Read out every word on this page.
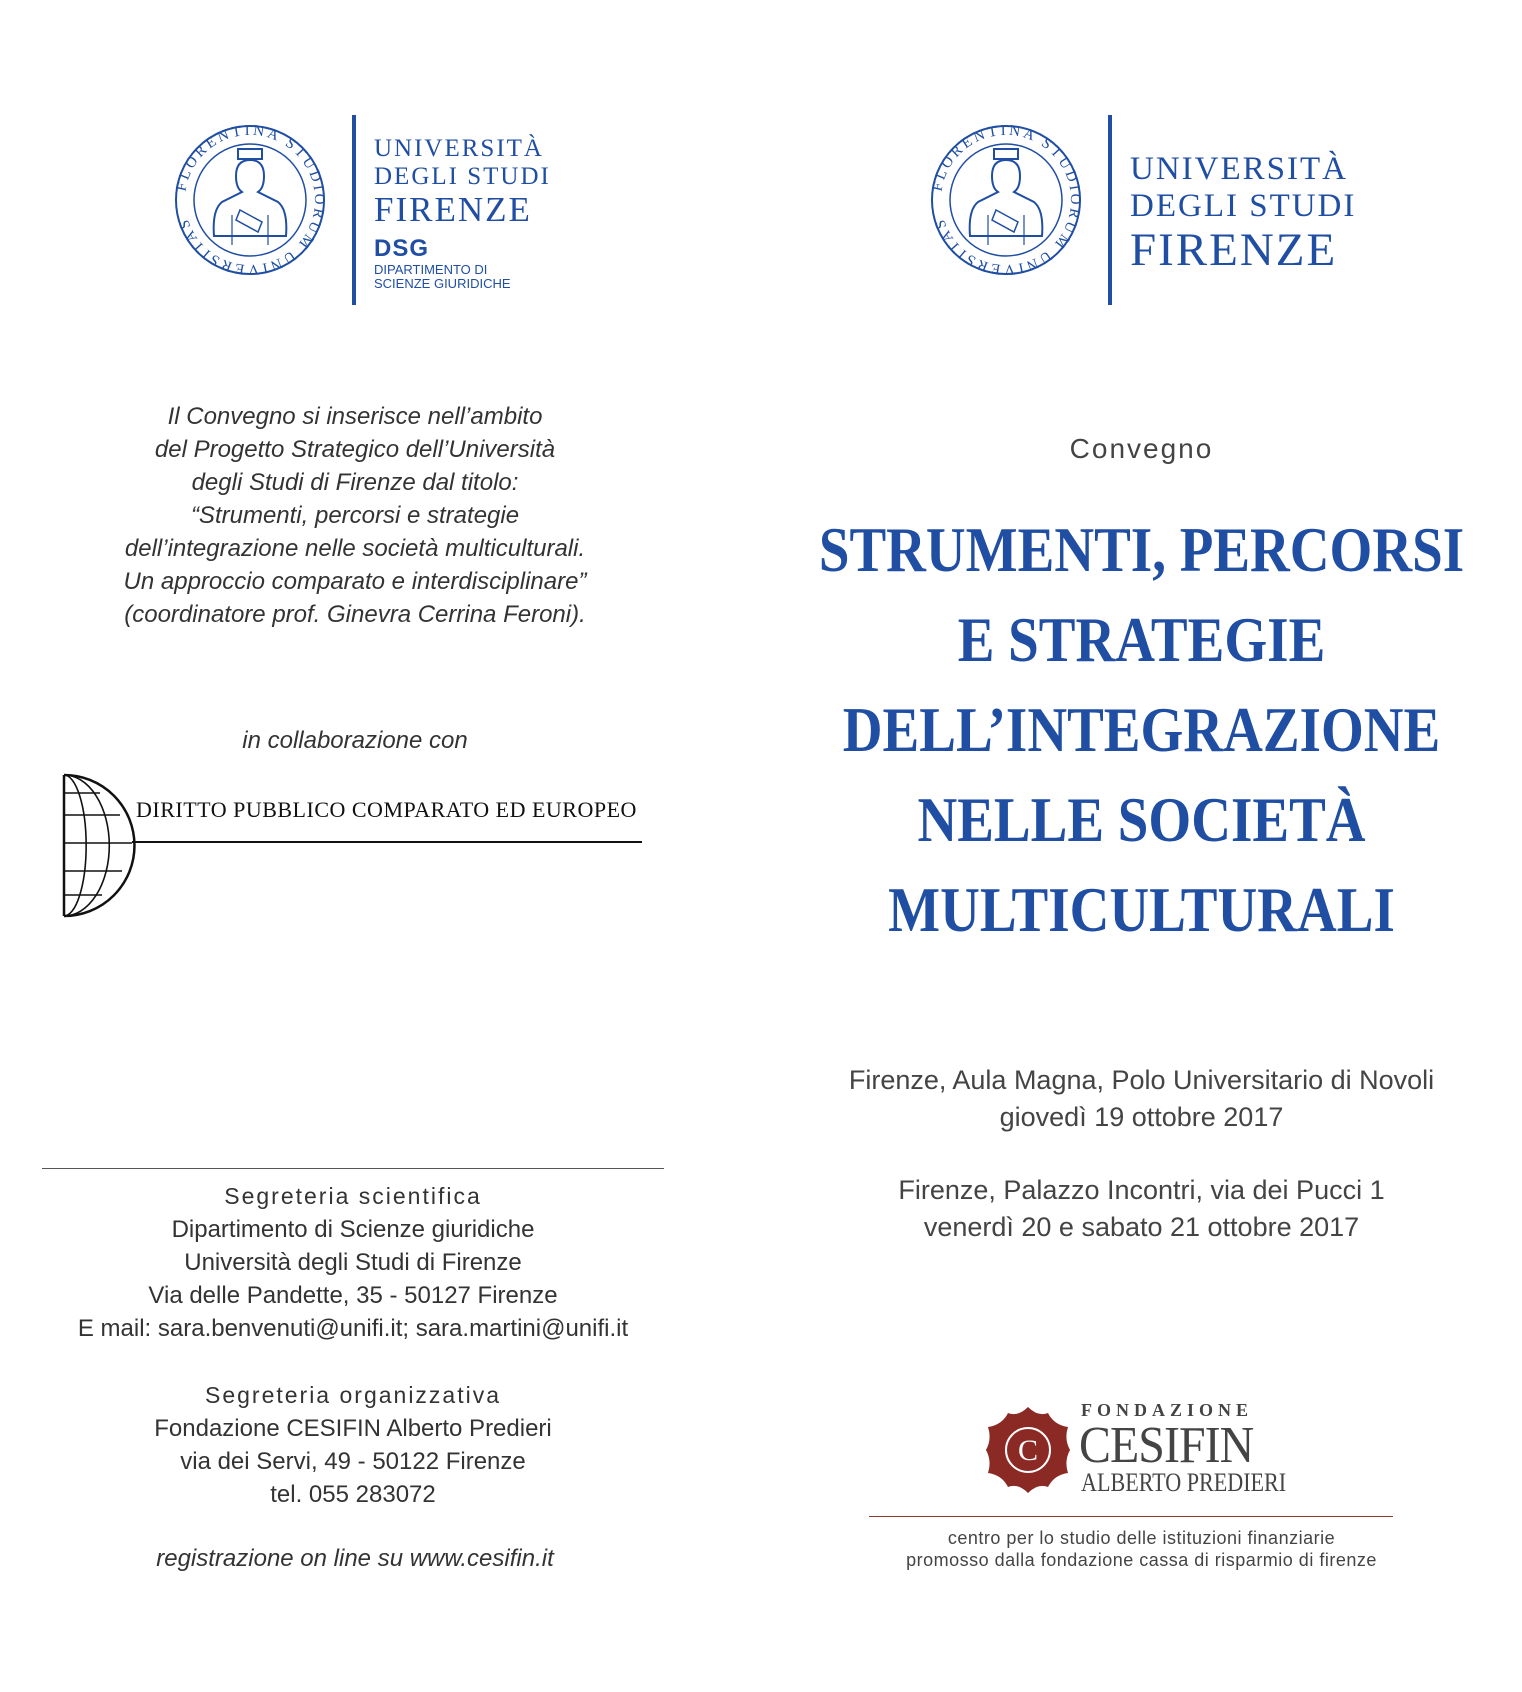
FLORENTINA STUDIORUM UNIVERSITAS
UNIVERSITÀ
DEGLI STUDI
FIRENZE
DSG
DIPARTIMENTO DI
SCIENZE GIURIDICHE
Il Convegno si inserisce nell’ambito
del Progetto Strategico dell’Università
degli Studi di Firenze dal titolo:
“Strumenti, percorsi e strategie
dell’integrazione nelle società multiculturali.
Un approccio comparato e interdisciplinare”
(coordinatore prof. Ginevra Cerrina Feroni).
in collaborazione con
DIRITTO PUBBLICO COMPARATO ED EUROPEO
Segreteria scientifica
Dipartimento di Scienze giuridiche
Università degli Studi di Firenze
Via delle Pandette, 35 - 50127 Firenze
E mail: sara.benvenuti@unifi.it; sara.martini@unifi.it
Segreteria organizzativa
Fondazione CESIFIN Alberto Predieri
via dei Servi, 49 - 50122 Firenze
tel. 055 283072
registrazione on line su www.cesifin.it
FLORENTINA STUDIORUM UNIVERSITAS
UNIVERSITÀ
DEGLI STUDI
FIRENZE
Convegno
STRUMENTI, PERCORSI
E STRATEGIE
DELL’INTEGRAZIONE
NELLE SOCIETÀ
MULTICULTURALI
Firenze, Aula Magna, Polo Universitario di Novoli
giovedì 19 ottobre 2017
Firenze, Palazzo Incontri, via dei Pucci 1
venerdì 20 e sabato 21 ottobre 2017
C
FONDAZIONE
CESIFIN
ALBERTO PREDIERI
centro per lo studio delle istituzioni finanziarie
promosso dalla fondazione cassa di risparmio di firenze
